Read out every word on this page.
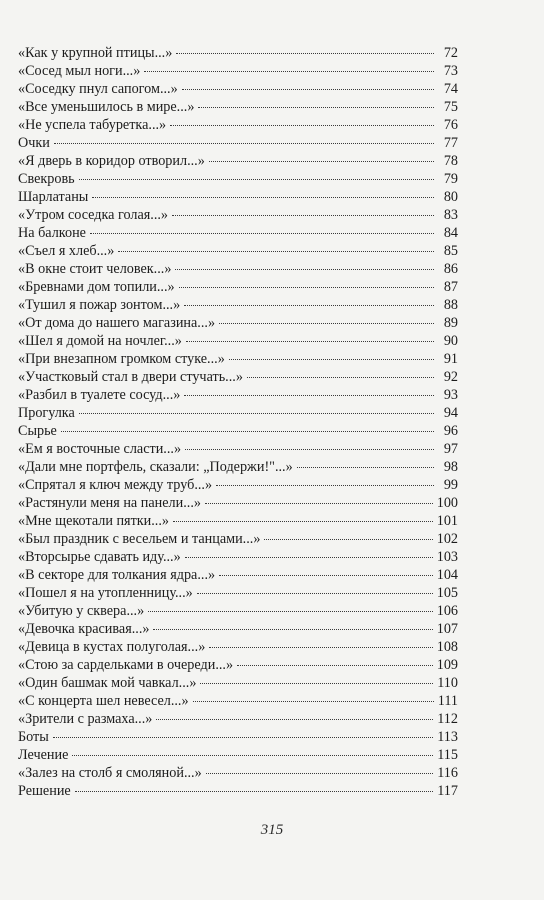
«Как у крупной птицы...»	72
«Сосед мыл ноги...»	73
«Соседку пнул сапогом...»	74
«Все уменьшилось в мире...»	75
«Не успела табуретка...»	76
Очки	77
«Я дверь в коридор отворил...»	78
Свекровь	79
Шарлатаны	80
«Утром соседка голая...»	83
На балконе	84
«Съел я хлеб...»	85
«В окне стоит человек...»	86
«Бревнами дом топили...»	87
«Тушил я пожар зонтом...»	88
«От дома до нашего магазина...»	89
«Шел я домой на ночлег...»	90
«При внезапном громком стуке...»	91
«Участковый стал в двери стучать...»	92
«Разбил в туалете сосуд...»	93
Прогулка	94
Сырье	96
«Ем я восточные сласти...»	97
«Дали мне портфель, сказали: „Подержи!"...»	98
«Спрятал я ключ между труб...»	99
«Растянули меня на панели...»	100
«Мне щекотали пятки...»	101
«Был праздник с весельем и танцами...»	102
«Вторсырье сдавать иду...»	103
«В секторе для толкания ядра...»	104
«Пошел я на утопленницу...»	105
«Убитую у сквера...»	106
«Девочка красивая...»	107
«Девица в кустах полуголая...»	108
«Стою за сардельками в очереди...»	109
«Один башмак мой чавкал...»	110
«С концерта шел невесел...»	111
«Зрители с размаха...»	112
Боты	113
Лечение	115
«Залез на столб я смоляной...»	116
Решение	117
315
